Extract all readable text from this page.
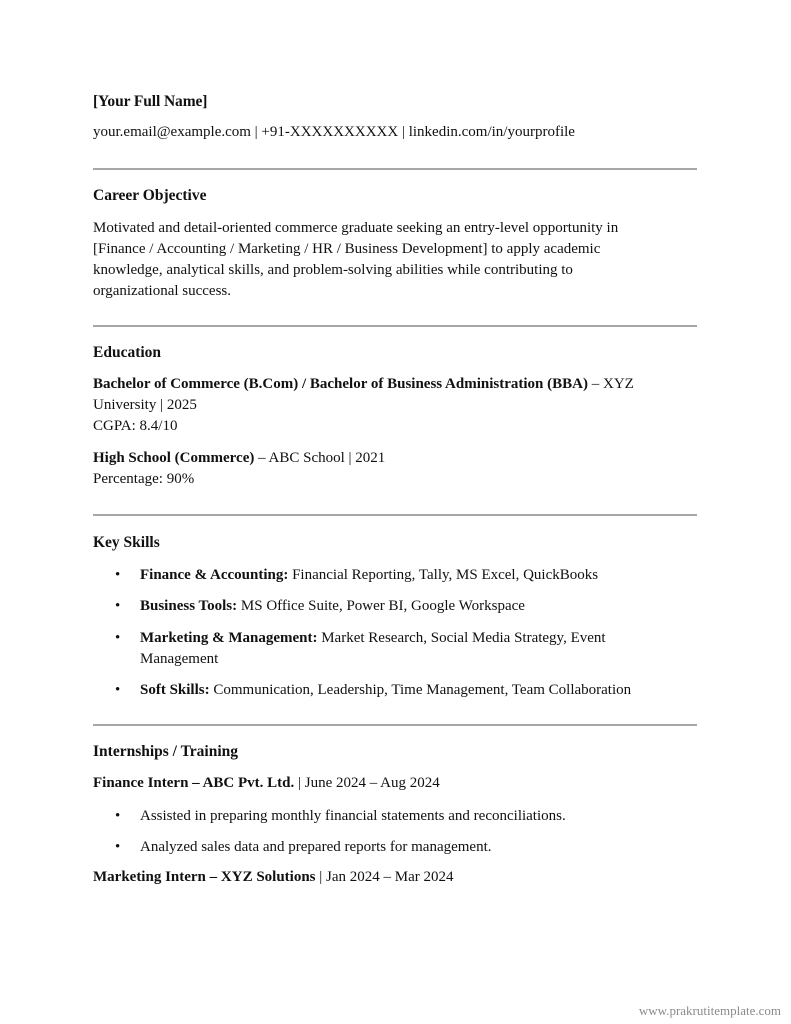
[Your Full Name]
your.email@example.com | +91-XXXXXXXXXX | linkedin.com/in/yourprofile
Career Objective
Motivated and detail-oriented commerce graduate seeking an entry-level opportunity in
[Finance / Accounting / Marketing / HR / Business Development] to apply academic
knowledge, analytical skills, and problem-solving abilities while contributing to
organizational success.
Education
Bachelor of Commerce (B.Com) / Bachelor of Business Administration (BBA) – XYZ
University | 2025
CGPA: 8.4/10
High School (Commerce) – ABC School | 2021
Percentage: 90%
Key Skills
• Finance & Accounting: Financial Reporting, Tally, MS Excel, QuickBooks
• Business Tools: MS Office Suite, Power BI, Google Workspace
• Marketing & Management: Market Research, Social Media Strategy, Event
Management
• Soft Skills: Communication, Leadership, Time Management, Team Collaboration
Internships / Training
Finance Intern – ABC Pvt. Ltd. | June 2024 – Aug 2024
• Assisted in preparing monthly financial statements and reconciliations.
• Analyzed sales data and prepared reports for management.
Marketing Intern – XYZ Solutions | Jan 2024 – Mar 2024
www.prakrutitemplate.com
